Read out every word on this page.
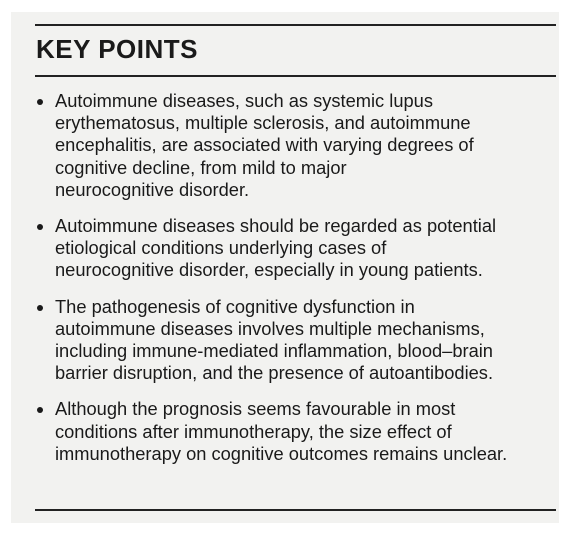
KEY POINTS
Autoimmune diseases, such as systemic lupus
erythematosus, multiple sclerosis, and autoimmune
encephalitis, are associated with varying degrees of
cognitive decline, from mild to major
neurocognitive disorder.
Autoimmune diseases should be regarded as potential
etiological conditions underlying cases of
neurocognitive disorder, especially in young patients.
The pathogenesis of cognitive dysfunction in
autoimmune diseases involves multiple mechanisms,
including immune-mediated inflammation, blood–brain
barrier disruption, and the presence of autoantibodies.
Although the prognosis seems favourable in most
conditions after immunotherapy, the size effect of
immunotherapy on cognitive outcomes remains unclear.
